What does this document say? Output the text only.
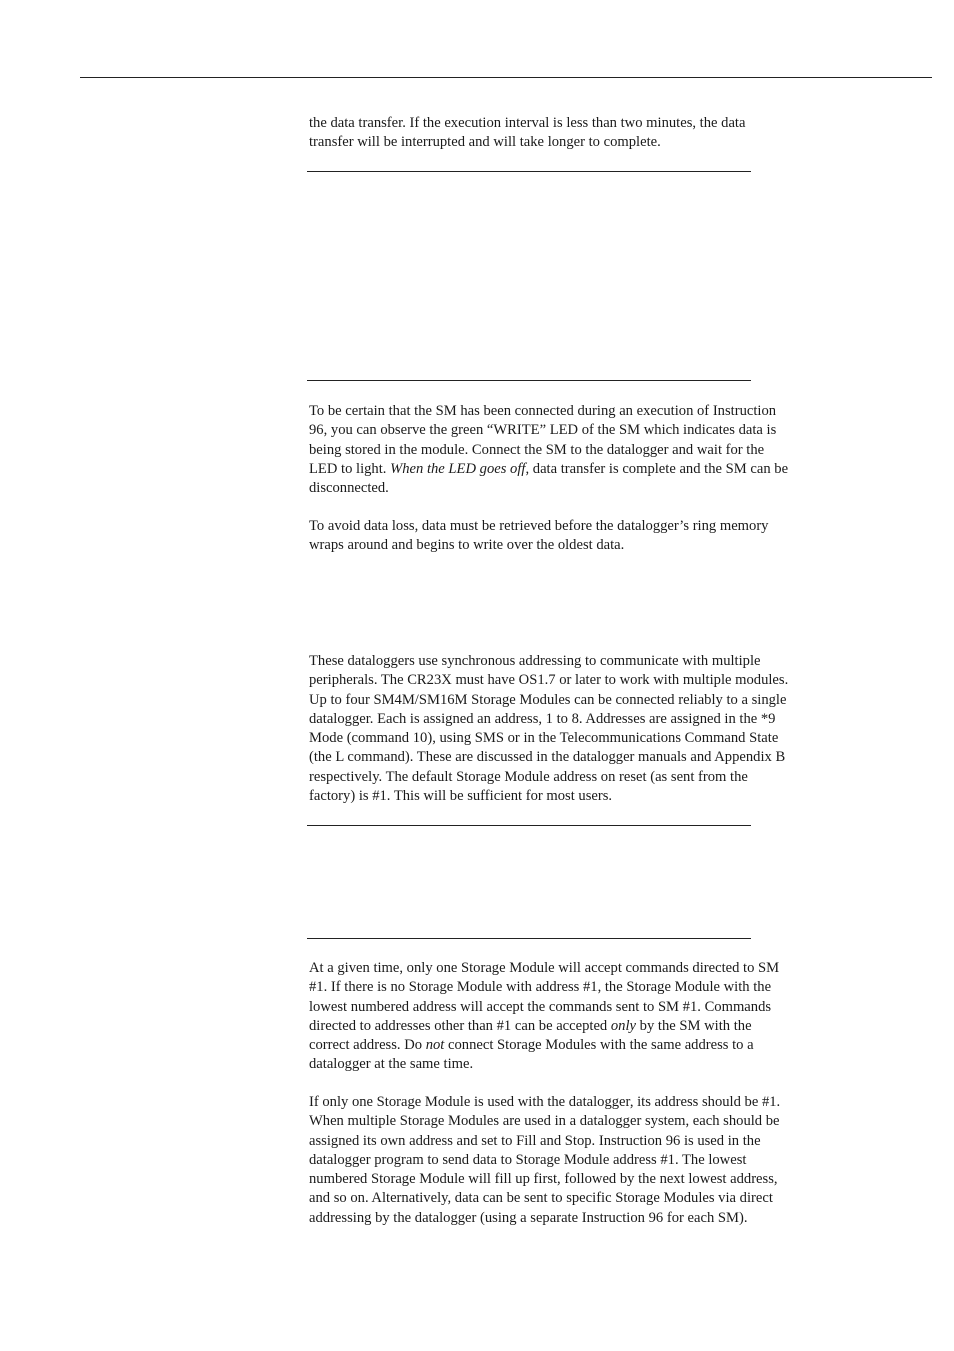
the data transfer. If the execution interval is less than two minutes, the data
transfer will be interrupted and will take longer to complete.

To be certain that the SM has been connected during an execution of Instruction
96, you can observe the green “WRITE” LED of the SM which indicates data is
being stored in the module. Connect the SM to the datalogger and wait for the
LED to light. When the LED goes off, data transfer is complete and the SM can be
disconnected.

To avoid data loss, data must be retrieved before the datalogger’s ring memory
wraps around and begins to write over the oldest data.

These dataloggers use synchronous addressing to communicate with multiple
peripherals. The CR23X must have OS1.7 or later to work with multiple modules.
Up to four SM4M/SM16M Storage Modules can be connected reliably to a single
datalogger. Each is assigned an address, 1 to 8. Addresses are assigned in the *9
Mode (command 10), using SMS or in the Telecommunications Command State
(the L command). These are discussed in the datalogger manuals and Appendix B
respectively. The default Storage Module address on reset (as sent from the
factory) is #1. This will be sufficient for most users.

At a given time, only one Storage Module will accept commands directed to SM
#1. If there is no Storage Module with address #1, the Storage Module with the
lowest numbered address will accept the commands sent to SM #1. Commands
directed to addresses other than #1 can be accepted only by the SM with the
correct address. Do not connect Storage Modules with the same address to a
datalogger at the same time.

If only one Storage Module is used with the datalogger, its address should be #1.
When multiple Storage Modules are used in a datalogger system, each should be
assigned its own address and set to Fill and Stop. Instruction 96 is used in the
datalogger program to send data to Storage Module address #1. The lowest
numbered Storage Module will fill up first, followed by the next lowest address,
and so on. Alternatively, data can be sent to specific Storage Modules via direct
addressing by the datalogger (using a separate Instruction 96 for each SM).
